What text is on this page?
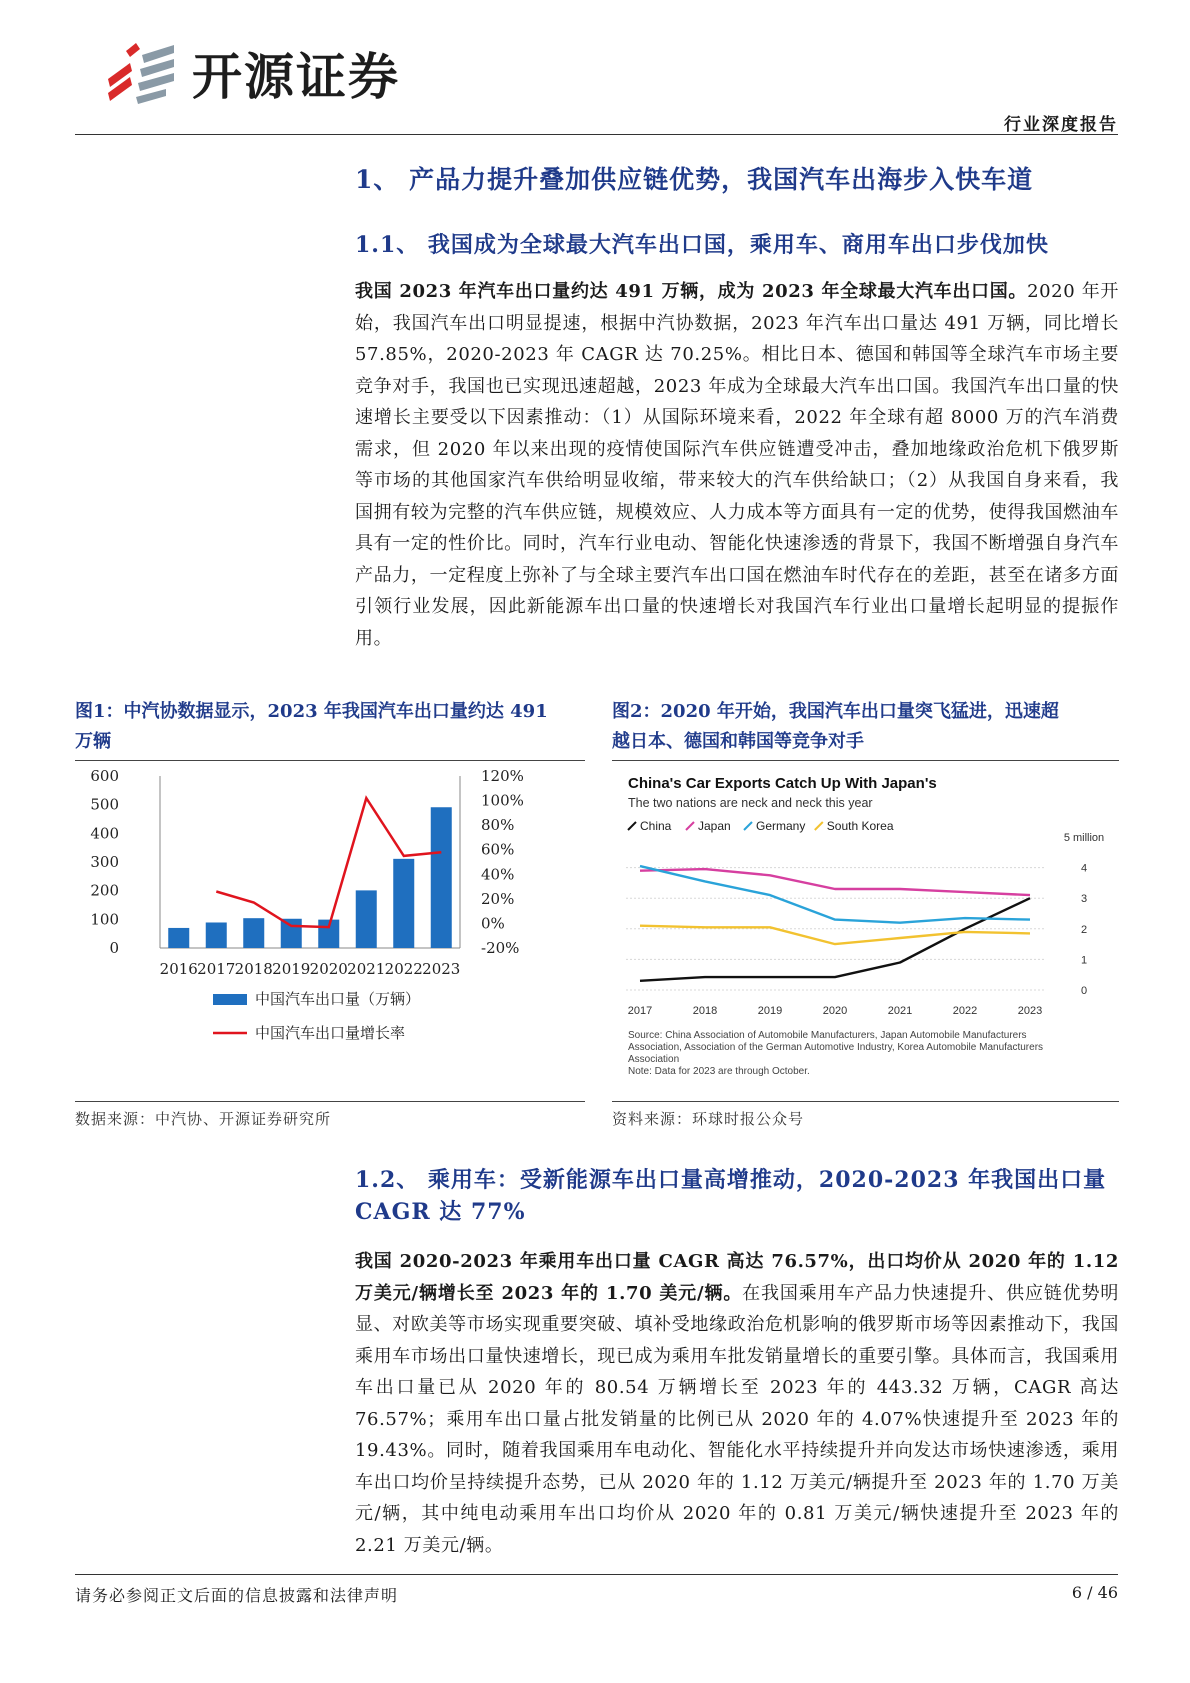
开源证券
行业深度报告
1、 产品力提升叠加供应链优势，我国汽车出海步入快车道
1.1、 我国成为全球最大汽车出口国，乘用车、商用车出口步伐加快
我国 2023 年汽车出口量约达 491 万辆，成为 2023 年全球最大汽车出口国。2020 年开始，我国汽车出口明显提速，根据中汽协数据，2023 年汽车出口量达 491 万辆，同比增长 57.85%，2020-2023 年 CAGR 达 70.25%。相比日本、德国和韩国等全球汽车市场主要竞争对手，我国也已实现迅速超越，2023 年成为全球最大汽车出口国。我国汽车出口量的快速增长主要受以下因素推动：（1）从国际环境来看，2022 年全球有超 8000 万的汽车消费需求，但 2020 年以来出现的疫情使国际汽车供应链遭受冲击，叠加地缘政治危机下俄罗斯等市场的其他国家汽车供给明显收缩，带来较大的汽车供给缺口；（2）从我国自身来看，我国拥有较为完整的汽车供应链，规模效应、人力成本等方面具有一定的优势，使得我国燃油车具有一定的性价比。同时，汽车行业电动、智能化快速渗透的背景下，我国不断增强自身汽车产品力，一定程度上弥补了与全球主要汽车出口国在燃油车时代存在的差距，甚至在诸多方面引领行业发展，因此新能源车出口量的快速增长对我国汽车行业出口量增长起明显的提振作用。
图1：中汽协数据显示，2023 年我国汽车出口量约达 491
万辆
600
500
400
300
200
100
0
120%
100%
80%
60%
40%
20%
0%
-20%
2016 2017 2018 2019 2020 2021 2022 2023
中国汽车出口量（万辆）
中国汽车出口量增长率
数据来源：中汽协、开源证券研究所
图2：2020 年开始，我国汽车出口量突飞猛进，迅速超
越日本、德国和韩国等竞争对手
China's Car Exports Catch Up With Japan's
The two nations are neck and neck this year
China Japan Germany South Korea
5 million
4
3
2
1
0
2017	2018	2019	2020	2021	2022	2023
Source: China Association of Automobile Manufacturers, Japan Automobile Manufacturers
Association, Association of the German Automotive Industry, Korea Automobile Manufacturers
Association
Note: Data for 2023 are through October.
资料来源：环球时报公众号
1.2、 乘用车：受新能源车出口量高增推动，2020-2023 年我国出口量
CAGR 达 77%
我国 2020-2023 年乘用车出口量 CAGR 高达 76.57%，出口均价从 2020 年的 1.12 万美元/辆增长至 2023 年的 1.70 美元/辆。在我国乘用车产品力快速提升、供应链优势明显、对欧美等市场实现重要突破、填补受地缘政治危机影响的俄罗斯市场等因素推动下，我国乘用车市场出口量快速增长，现已成为乘用车批发销量增长的重要引擎。具体而言，我国乘用车出口量已从 2020 年的 80.54 万辆增长至 2023 年的 443.32 万辆，CAGR 高达 76.57%；乘用车出口量占批发销量的比例已从 2020 年的 4.07%快速提升至 2023 年的 19.43%。同时，随着我国乘用车电动化、智能化水平持续提升并向发达市场快速渗透，乘用车出口均价呈持续提升态势，已从 2020 年的 1.12 万美元/辆提升至 2023 年的 1.70 万美元/辆，其中纯电动乘用车出口均价从 2020 年的 0.81 万美元/辆快速提升至 2023 年的 2.21 万美元/辆。
请务必参阅正文后面的信息披露和法律声明	6 / 46
